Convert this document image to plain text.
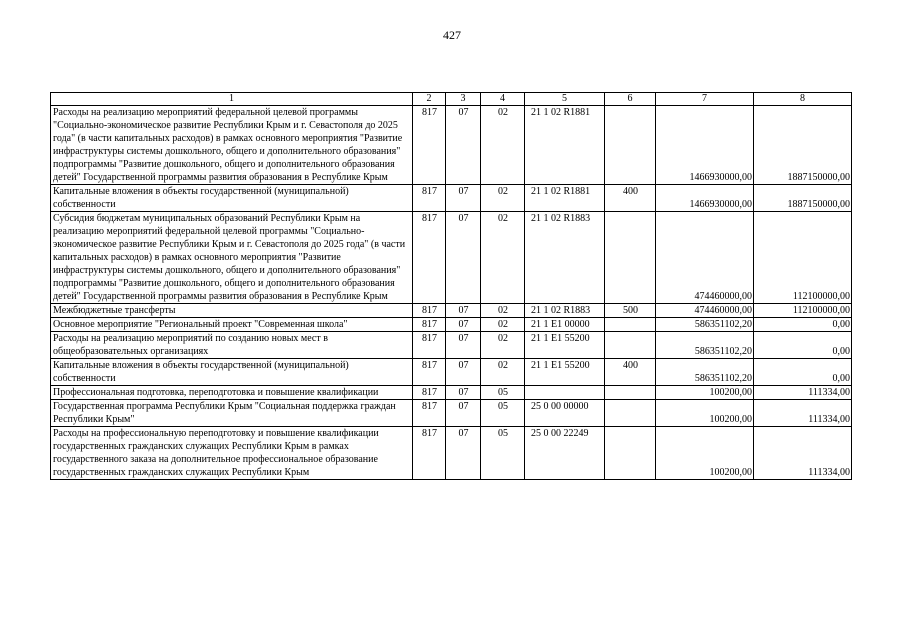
427
1	2	3	4	5	6	7	8
Расходы на реализацию мероприятий федеральной целевой программы "Социально-экономическое развитие Республики Крым и г. Севастополя до 2025 года" (в части капитальных расходов) в рамках основного мероприятия "Развитие инфраструктуры системы дошкольного, общего и дополнительного образования" подпрограммы "Развитие дошкольного, общего и дополнительного образования детей" Государственной программы развития образования в Республике Крым	817	07	02	21 1 02 R1881		1466930000,00	1887150000,00
Капитальные вложения в объекты государственной (муниципальной) собственности	817	07	02	21 1 02 R1881	400	1466930000,00	1887150000,00
Субсидия бюджетам муниципальных образований Республики Крым на реализацию мероприятий федеральной целевой программы "Социально-экономическое развитие Республики Крым и г. Севастополя до 2025 года" (в части капитальных расходов) в рамках основного мероприятия "Развитие инфраструктуры системы дошкольного, общего и дополнительного образования" подпрограммы "Развитие дошкольного, общего и дополнительного образования детей" Государственной программы развития образования в Республике Крым	817	07	02	21 1 02 R1883		474460000,00	112100000,00
Межбюджетные трансферты	817	07	02	21 1 02 R1883	500	474460000,00	112100000,00
Основное мероприятие "Региональный проект "Современная школа"	817	07	02	21 1 E1 00000		586351102,20	0,00
Расходы на реализацию мероприятий по созданию новых мест в общеобразовательных организациях	817	07	02	21 1 E1 55200		586351102,20	0,00
Капитальные вложения в объекты государственной (муниципальной) собственности	817	07	02	21 1 E1 55200	400	586351102,20	0,00
Профессиональная подготовка, переподготовка и повышение квалификации	817	07	05			100200,00	111334,00
Государственная программа Республики Крым "Социальная поддержка граждан Республики Крым"	817	07	05	25 0 00 00000		100200,00	111334,00
Расходы на профессиональную переподготовку и повышение квалификации государственных гражданских служащих Республики Крым в рамках государственного заказа на дополнительное профессиональное образование государственных гражданских служащих Республики Крым	817	07	05	25 0 00 22249		100200,00	111334,00
